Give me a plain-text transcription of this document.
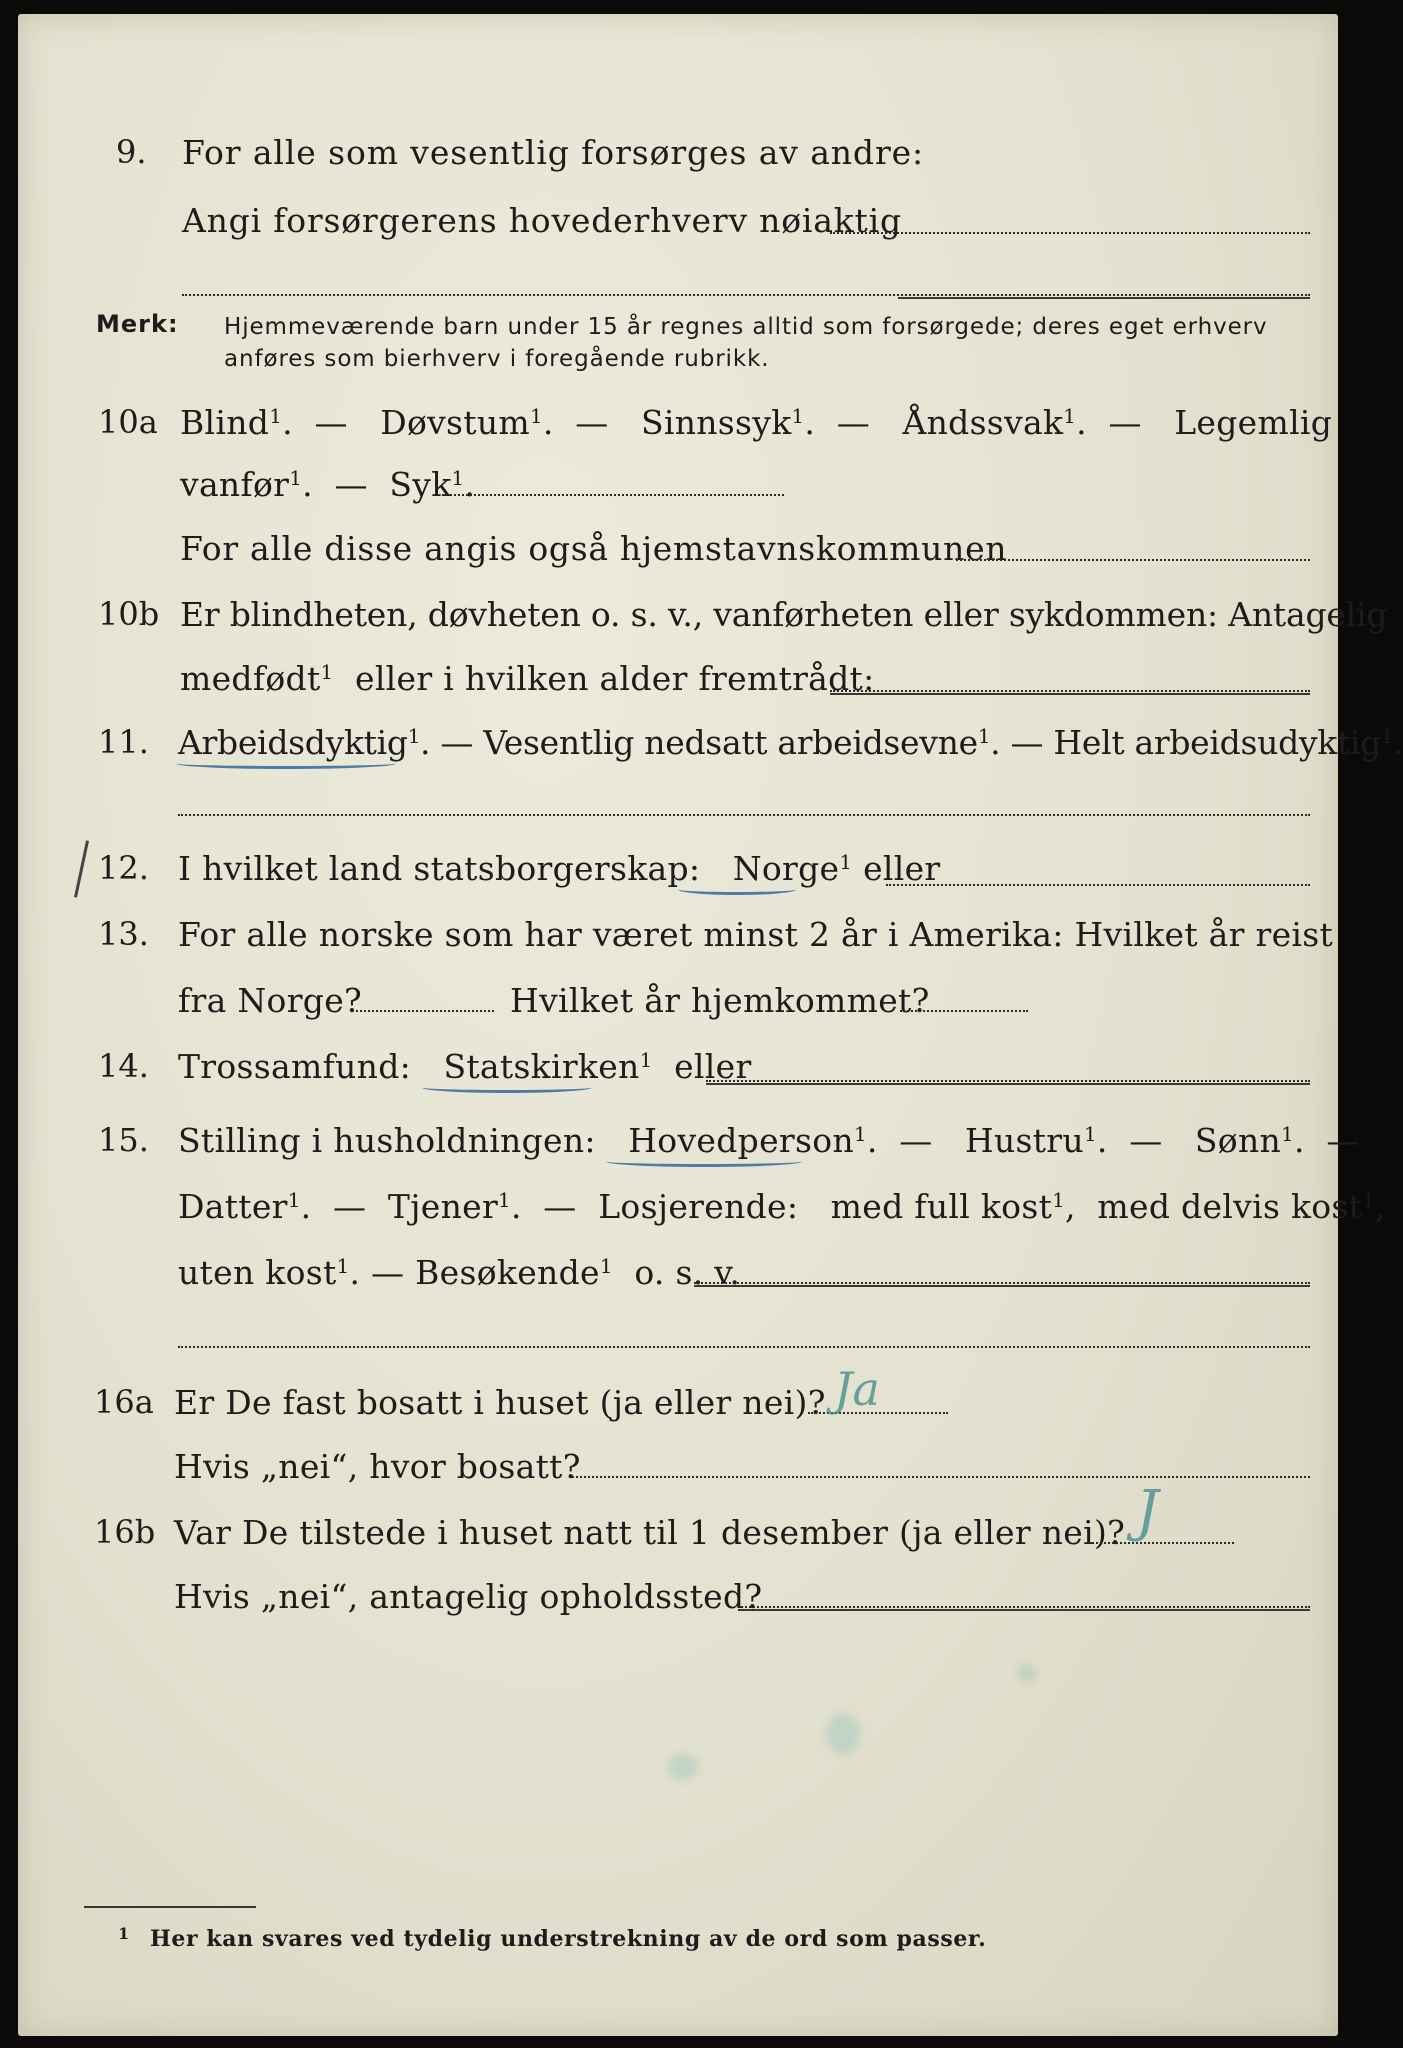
9. For alle som vesentlig forsørges av andre:
Angi forsørgerens hovederhverv nøiaktig
Merk: Hjemmeværende barn under 15 år regnes alltid som forsørgede; deres eget erhverv
anføres som bierhverv i foregående rubrikk.
10a Blind$^1$.  —   Døvstum$^1$.  —   Sinnssyk$^1$.  —   Åndssvak$^1$.  —   Legemlig
vanfør$^1$.  —  Syk$^1$.
For alle disse angis også hjemstavnskommunen
10b Er blindheten, døvheten o. s. v., vanførheten eller sykdommen: Antagelig
medfødt$^1$ eller i hvilken alder fremtrådt:
11. Arbeidsdyktig$^1$. — Vesentlig nedsatt arbeidsevne$^1$. — Helt arbeidsudyktig$^1$.
12. I hvilket land statsborgerskap: Norge$^1$ eller
13. For alle norske som har været minst 2 år i Amerika: Hvilket år reist
fra Norge?	Hvilket år hjemkommet?
14. Trossamfund: Statskirken$^1$ eller
15. Stilling i husholdningen: Hovedperson$^1$.  —   Hustru$^1$.  —   Sønn$^1$.  —
Datter$^1$.  —  Tjener$^1$.  —  Losjerende: med full kost$^1$,  med delvis kost$^1$,
uten kost$^1$. — Besøkende$^1$ o. s. v.
16a Er De fast bosatt i huset (ja eller nei)? Ja
Hvis „nei“, hvor bosatt?
16b Var De tilstede i huset natt til 1 desember (ja eller nei)? J
Hvis „nei“, antagelig opholdssted?
1 Her kan svares ved tydelig understrekning av de ord som passer.
